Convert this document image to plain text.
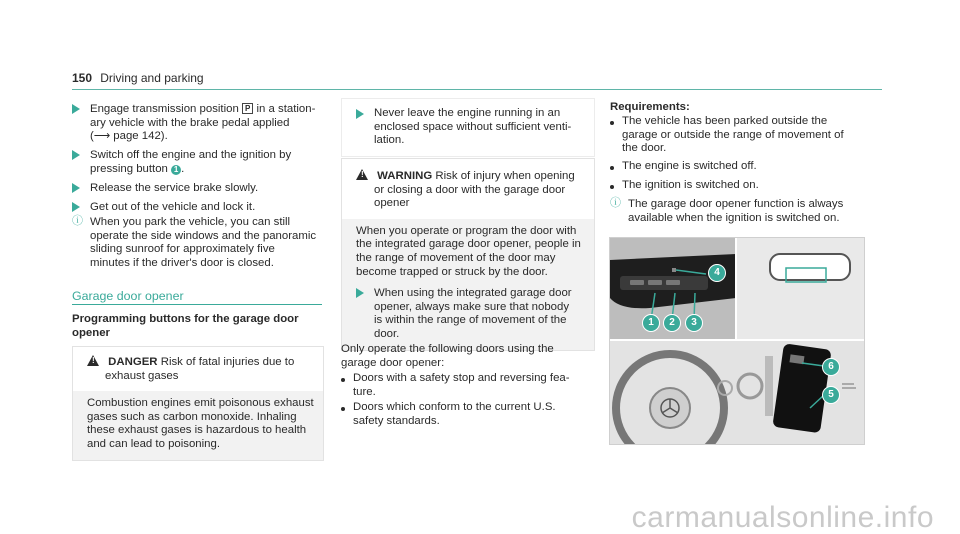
150 Driving and parking
Engage transmission position P in a station-
ary vehicle with the brake pedal applied
(⟶ page 142).
Switch off the engine and the ignition by
pressing button 1 .
Release the service brake slowly.
Get out of the vehicle and lock it.
ⓘ When you park the vehicle, you can still
operate the side windows and the panoramic
sliding sunroof for approximately five
minutes if the driver's door is closed.
Garage door opener
Programming buttons for the garage door
opener
! DANGER Risk of fatal injuries due to
exhaust gases
Combustion engines emit poisonous exhaust
gases such as carbon monoxide. Inhaling
these exhaust gases is hazardous to health
and can lead to poisoning.
Never leave the engine running in an
enclosed space without sufficient venti-
lation.
! WARNING Risk of injury when opening
or closing a door with the garage door
opener
When you operate or program the door with
the integrated garage door opener, people in
the range of movement of the door may
become trapped or struck by the door.
When using the integrated garage door
opener, always make sure that nobody
is within the range of movement of the
door.
Only operate the following doors using the
garage door opener:
Doors with a safety stop and reversing fea-
ture.
Doors which conform to the current U.S.
safety standards.
Requirements:
The vehicle has been parked outside the
garage or outside the range of movement of
the door.
The engine is switched off.
The ignition is switched on.
ⓘ The garage door opener function is always
available when the ignition is switched on.
1	2	3
4
5
6
carmanualsonline.info
